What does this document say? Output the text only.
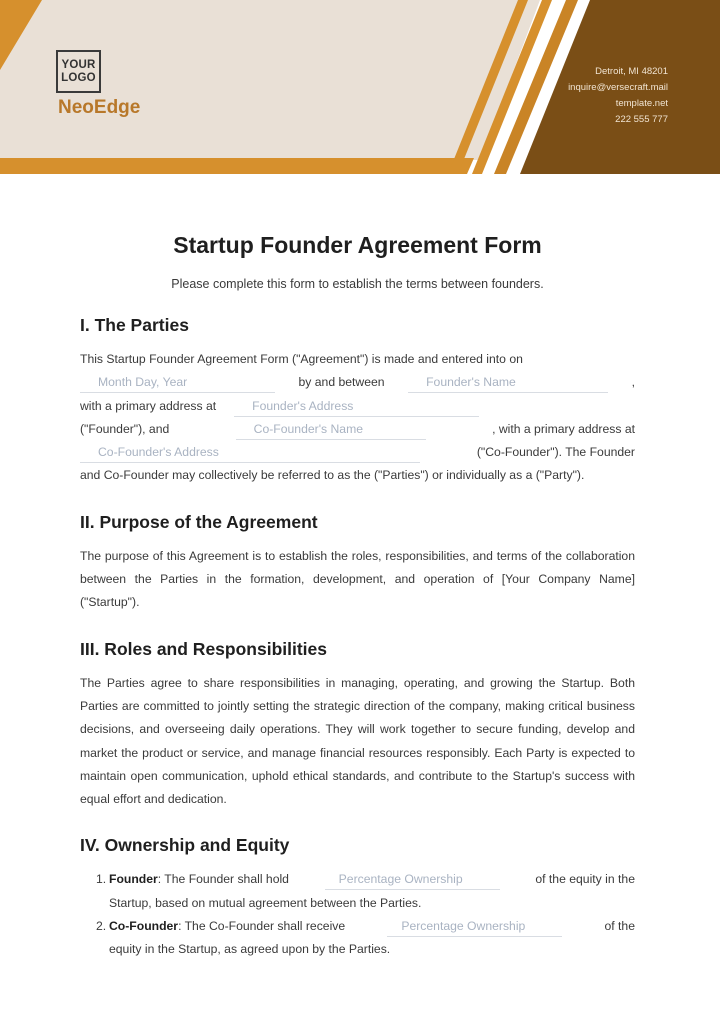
YOUR
LOGO
NeoEdge
Detroit, MI 48201
inquire@versecraft.mail
template.net
222 555 777
Startup Founder Agreement Form
Please complete this form to establish the terms between founders.
I. The Parties
This Startup Founder Agreement Form ("Agreement") is made and entered into on
Month Day, Year	by and between	Founder's Name	,
with a primary address at	Founder's Address
("Founder"), and	Co-Founder's Name	, with a primary address at
Co-Founder's Address	("Co-Founder"). The Founder
and Co-Founder may collectively be referred to as the ("Parties") or individually as a ("Party").
II. Purpose of the Agreement
The purpose of this Agreement is to establish the roles, responsibilities, and terms of the collaboration between the Parties in the formation, development, and operation of [Your Company Name] ("Startup").
III. Roles and Responsibilities
The Parties agree to share responsibilities in managing, operating, and growing the Startup. Both Parties are committed to jointly setting the strategic direction of the company, making critical business decisions, and overseeing daily operations. They will work together to secure funding, develop and market the product or service, and manage financial resources responsibly. Each Party is expected to maintain open communication, uphold ethical standards, and contribute to the Startup's success with equal effort and dedication.
IV. Ownership and Equity
1. Founder: The Founder shall hold	Percentage Ownership	of the equity in the
Startup, based on mutual agreement between the Parties.
2. Co-Founder: The Co-Founder shall receive	Percentage Ownership	of the
equity in the Startup, as agreed upon by the Parties.
